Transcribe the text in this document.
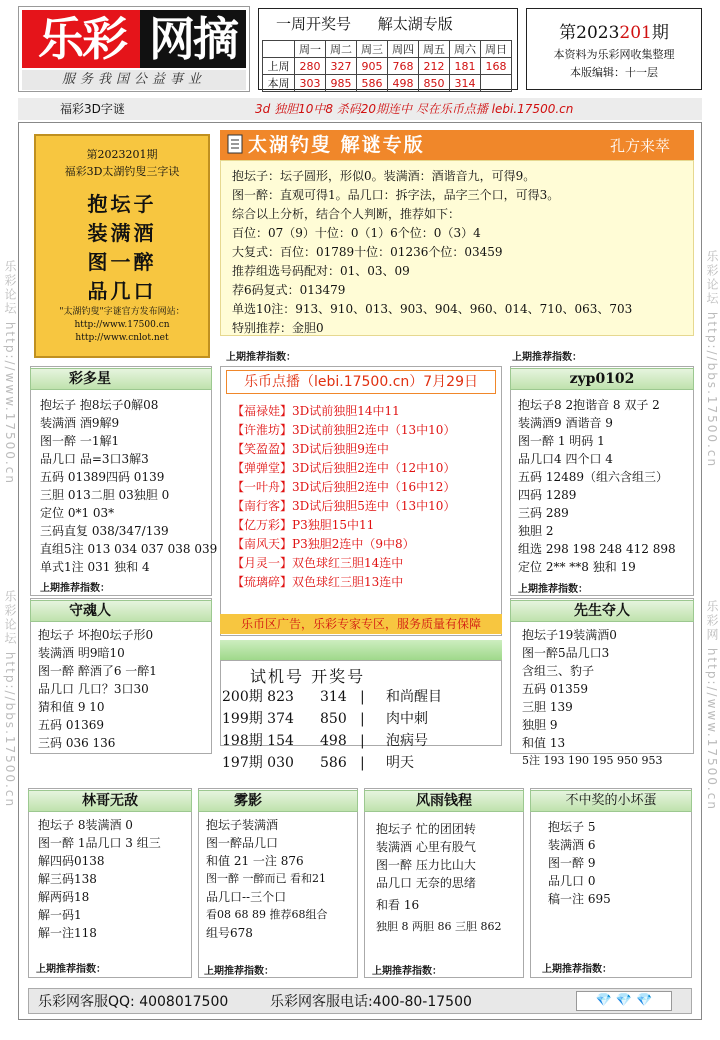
乐彩 网摘
服务我国公益事业
一周开奖号 解太湖专版
	周一	周二	周三	周四	周五	周六	周日
上周	280	327	905	768	212	181	168
本周	303	985	586	498	850	314	
第2023201期
本资料为乐彩网收集整理
本版编辑：十一层
福彩3D字谜	3d 独胆10中8 杀码20期连中 尽在乐币点播 lebi.17500.cn
乐彩论坛 http://www.17500.cn
乐彩论坛 http://bbs.17500.cn
乐彩论坛 http://bbs.17500.cn
乐彩网 http://www.17500.cn
第2023201期
福彩3D太湖钓叟三字诀
抱坛子
装满酒
图一醉
品几口
"太湖钓叟"字谜官方发布网站：
http://www.17500.cn
http://www.cnlot.net
太湖钓叟 解谜专版	孔方来萃
抱坛子：坛子圆形，形似0。装满酒：酒谐音九，可得9。
图一醉：直观可得1。品几口：拆字法，品字三个口，可得3。
综合以上分析，结合个人判断，推荐如下：
百位：07（9）十位：0（1）6个位：0（3）4
大复式：百位：01789十位：01236个位：03459
推荐组选号码配对：01、03、09
荐6码复式：013479
单选10注：913、910、013、903、904、960、014、710、063、703
特别推荐：金胆0
上期推荐指数：	上期推荐指数：
彩多星
抱坛子 抱8坛子0解08
装满酒 酒9解9
图一醉 一1解1
品几口 品=3口3解3
五码 01389四码 0139
三胆 013二胆 03独胆 0
定位 0*1 03*
三码直复 038/347/139
直组5注 013 034 037 038 039
单式1注 031 独和 4
上期推荐指数：
zyp0102
抱坛子8 2抱谐音 8 双子 2
装满酒9 酒谐音 9
图一醉 1 明码 1
品几口4 四个口 4
五码 12489（组六含组三）
四码 1289
三码 289
独胆 2
组选 298 198 248 412 898
定位 2** **8 独和 19
上期推荐指数：
守魂人
抱坛子 坏抱0坛子形0
装满酒 明9暗10
图一醉 醉酒了6 一醉1
品几口 几口？3口30
猜和值 9 10
五码 01369
三码 036 136
先生夺人
抱坛子19装满酒0
图一醉5品几口3
含组三、豹子
五码 01359
三胆 139
独胆 9
和值 13
5注 193 190 195 950 953
乐币点播（lebi.17500.cn）7月29日
【福禄娃】3D试前独胆14中11
【许淮坊】3D试前独胆2连中（13中10）
【笑盈盈】3D试后独胆9连中
【弹弹堂】3D试后独胆2连中（12中10）
【一叶舟】3D试后独胆2连中（16中12）
【南行客】3D试后独胆5连中（13中10）
【亿万彩】P3独胆15中11
【南风天】P3独胆2连中（9中8）
【月灵一】双色球红三胆14连中
【琉璃碎】双色球红三胆13连中
乐币区广告，乐彩专家专区，服务质量有保障
试机号 开奖号
200期 823 314 | 和尚醒目
199期 374 850 | 肉中刺
198期 154 498 | 泡病号
197期 030 586 | 明天
林哥无敌
抱坛子 8装满酒 0
图一醉 1品几口 3 组三
解四码0138
解三码138
解两码18
解一码1
解一注118
上期推荐指数：
雾影
抱坛子装满酒
图一醉品几口
和值 21 一注 876
图一醉 一醉而已 看和21
品几口--三个口
看08 68 89 推荐68组合
组号678
上期推荐指数：
风雨钱程
抱坛子 忙的团团转
装满酒 心里有股气
图一醉 压力比山大
品几口 无奈的思绪
和看 16
独胆 8 两胆 86 三胆 862
上期推荐指数：
不中奖的小坏蛋
抱坛子 5
装满酒 6
图一醉 9
品几口 0
稿一注 695
上期推荐指数：
乐彩网客服QQ: 4008017500	乐彩网客服电话:400-80-17500	💎 💎 💎
